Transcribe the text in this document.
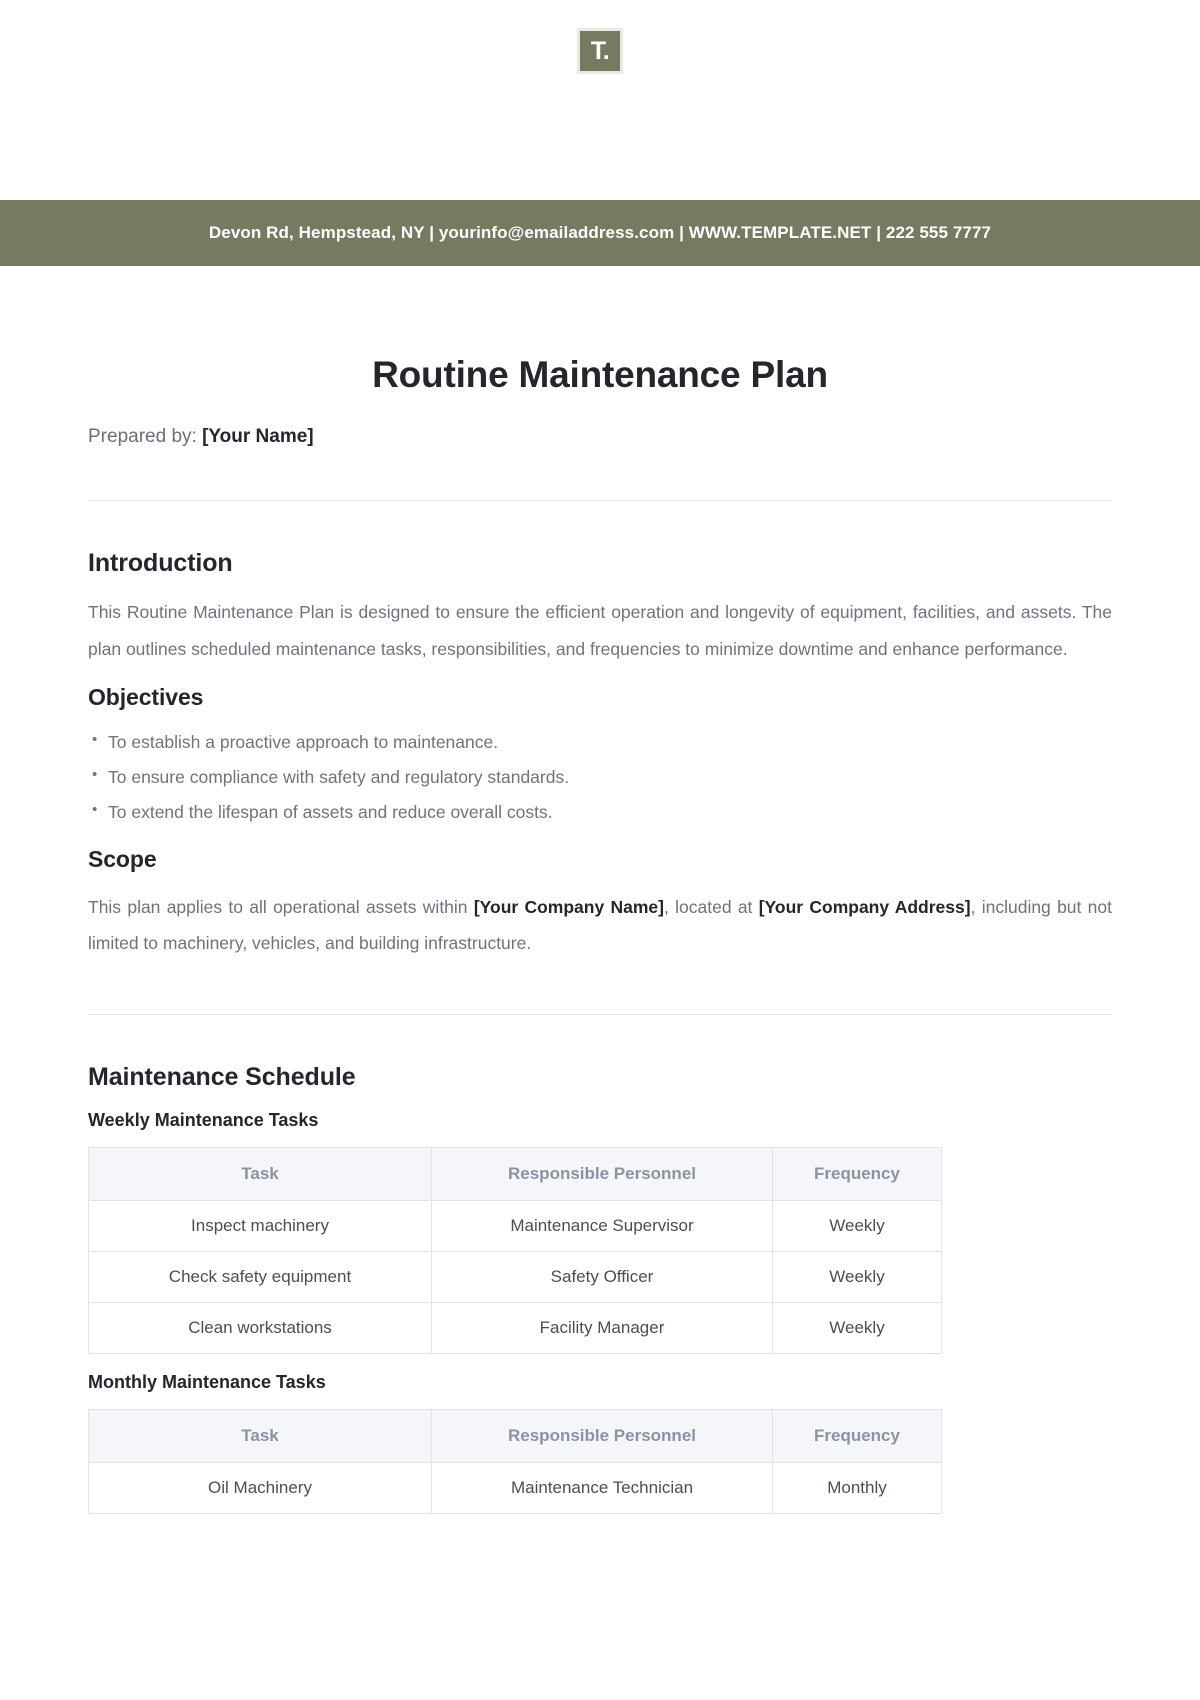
T.
Devon Rd, Hempstead, NY | yourinfo@emailaddress.com | WWW.TEMPLATE.NET | 222 555 7777
Routine Maintenance Plan
Prepared by: [Your Name]
Introduction

This Routine Maintenance Plan is designed to ensure the efficient operation and longevity of equipment, facilities, and assets. The plan outlines scheduled maintenance tasks, responsibilities, and frequencies to minimize downtime and enhance performance.

Objectives
• To establish a proactive approach to maintenance.
• To ensure compliance with safety and regulatory standards.
• To extend the lifespan of assets and reduce overall costs.
Scope

This plan applies to all operational assets within [Your Company Name], located at [Your Company Address], including but not limited to machinery, vehicles, and building infrastructure.

Maintenance Schedule
Weekly Maintenance Tasks
Task	Responsible Personnel	Frequency
Inspect machinery	Maintenance Supervisor	Weekly
Check safety equipment	Safety Officer	Weekly
Clean workstations	Facility Manager	Weekly
Monthly Maintenance Tasks
Task	Responsible Personnel	Frequency
Oil Machinery	Maintenance Technician	Monthly
